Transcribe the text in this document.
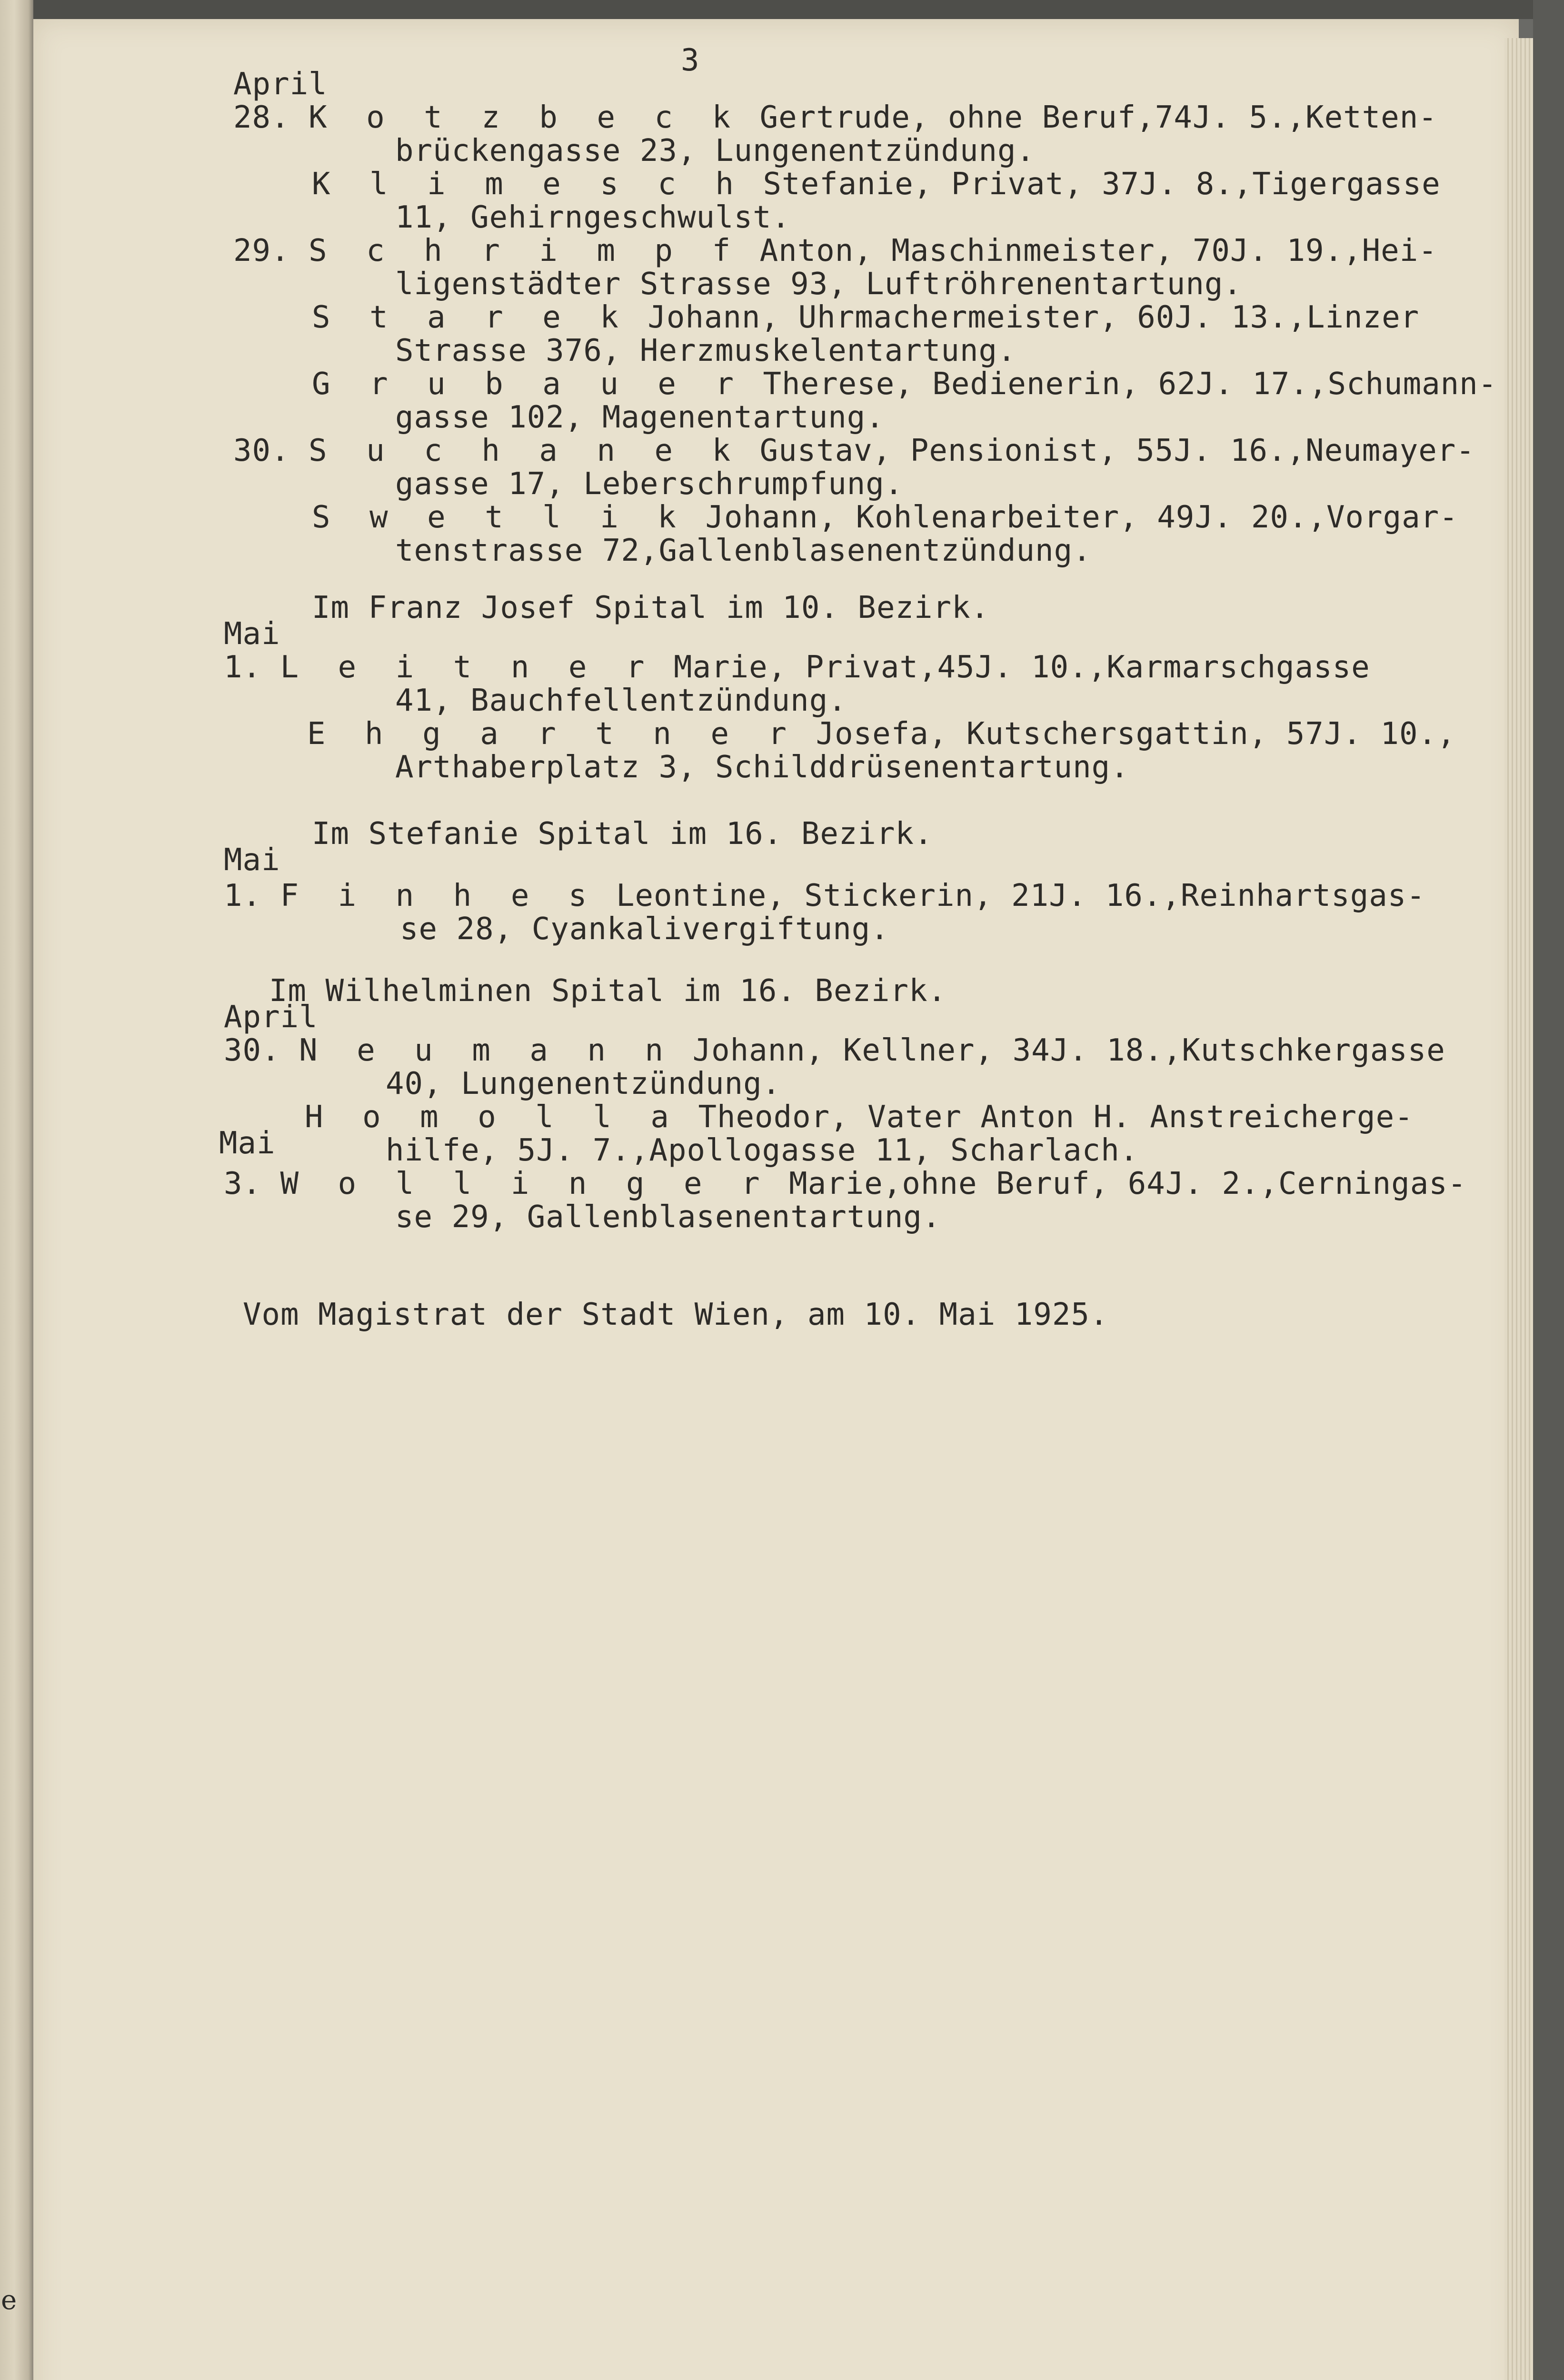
e
3
April
28. K o t z b e c k Gertrude, ohne Beruf,74J. 5.,Ketten-
brückengasse 23, Lungenentzündung.
K l i m e s c h Stefanie, Privat, 37J. 8.,Tigergasse
11, Gehirngeschwulst.
29. S c h r i m p f Anton, Maschinmeister, 70J. 19.,Hei-
ligenstädter Strasse 93, Luftröhrenentartung.
S t a r e k Johann, Uhrmachermeister, 60J. 13.,Linzer
Strasse 376, Herzmuskelentartung.
G r u b a u e r Therese, Bedienerin, 62J. 17.,Schumann-
gasse 102, Magenentartung.
30. S u c h a n e k Gustav, Pensionist, 55J. 16.,Neumayer-
gasse 17, Leberschrumpfung.
S w e t l i k Johann, Kohlenarbeiter, 49J. 20.,Vorgar-
tenstrasse 72,Gallenblasenentzündung.
Im Franz Josef Spital im 10. Bezirk.
Mai
1. L e i t n e r Marie, Privat,45J. 10.,Karmarschgasse
41, Bauchfellentzündung.
E h g a r t n e r Josefa, Kutschersgattin, 57J. 10.,
Arthaberplatz 3, Schilddrüsenentartung.
Im Stefanie Spital im 16. Bezirk.
Mai
1. F i n h e s Leontine, Stickerin, 21J. 16.,Reinhartsgas-
se 28, Cyankalivergiftung.
Im Wilhelminen Spital im 16. Bezirk.
April
30. N e u m a n n Johann, Kellner, 34J. 18.,Kutschkergasse
40, Lungenentzündung.
H o m o l l a Theodor, Vater Anton H. Anstreicherge-
Mai	hilfe, 5J. 7.,Apollogasse 11, Scharlach.
3. W o l l i n g e r Marie,ohne Beruf, 64J. 2.,Cerningas-
se 29, Gallenblasenentartung.
Vom Magistrat der Stadt Wien, am 10. Mai 1925.
